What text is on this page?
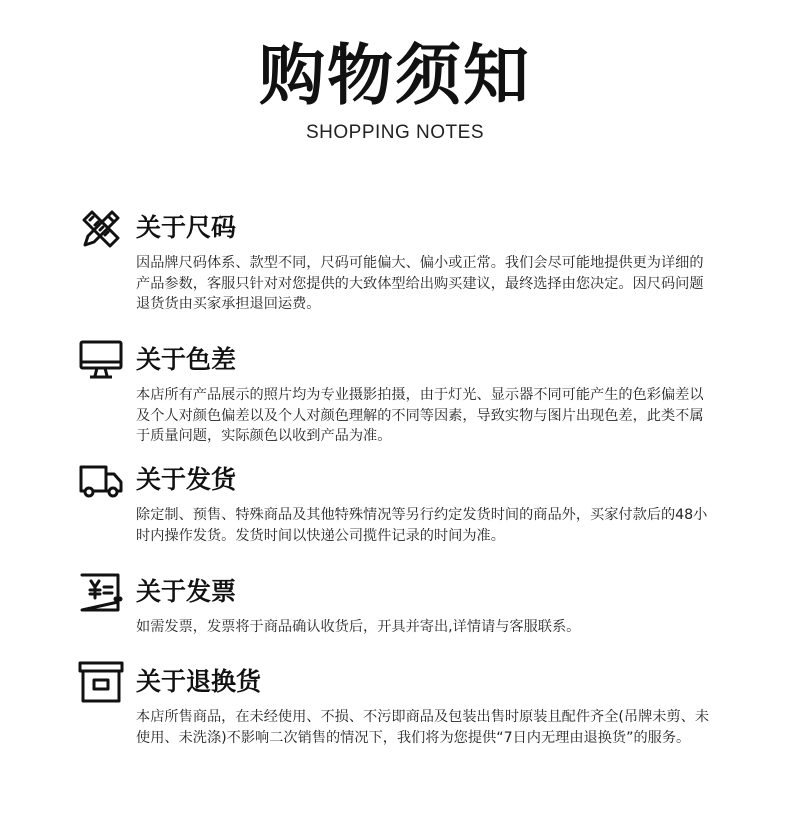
购物须知
SHOPPING NOTES
关于尺码

因品牌尺码体系、款型不同，尺码可能偏大、偏小或正常。我们会尽可能地提供更为详细的产品参数，客服只针对对您提供的大致体型给出购买建议，最终选择由您决定。因尺码问题退货货由买家承担退回运费。

关于色差

本店所有产品展示的照片均为专业摄影拍摄，由于灯光、显示器不同可能产生的色彩偏差以及个人对颜色偏差以及个人对颜色理解的不同等因素，导致实物与图片出现色差，此类不属于质量问题，实际颜色以收到产品为准。

关于发货

除定制、预售、特殊商品及其他特殊情况等另行约定发货时间的商品外，买家付款后的48小时内操作发货。发货时间以快递公司揽件记录的时间为准。

关于发票

如需发票，发票将于商品确认收货后，开具并寄出,详情请与客服联系。

关于退换货

本店所售商品，在未经使用、不损、不污即商品及包装出售时原装且配件齐全(吊牌未剪、未使用、未洗涤)不影响二次销售的情况下，我们将为您提供“7日内无理由退换货”的服务。
